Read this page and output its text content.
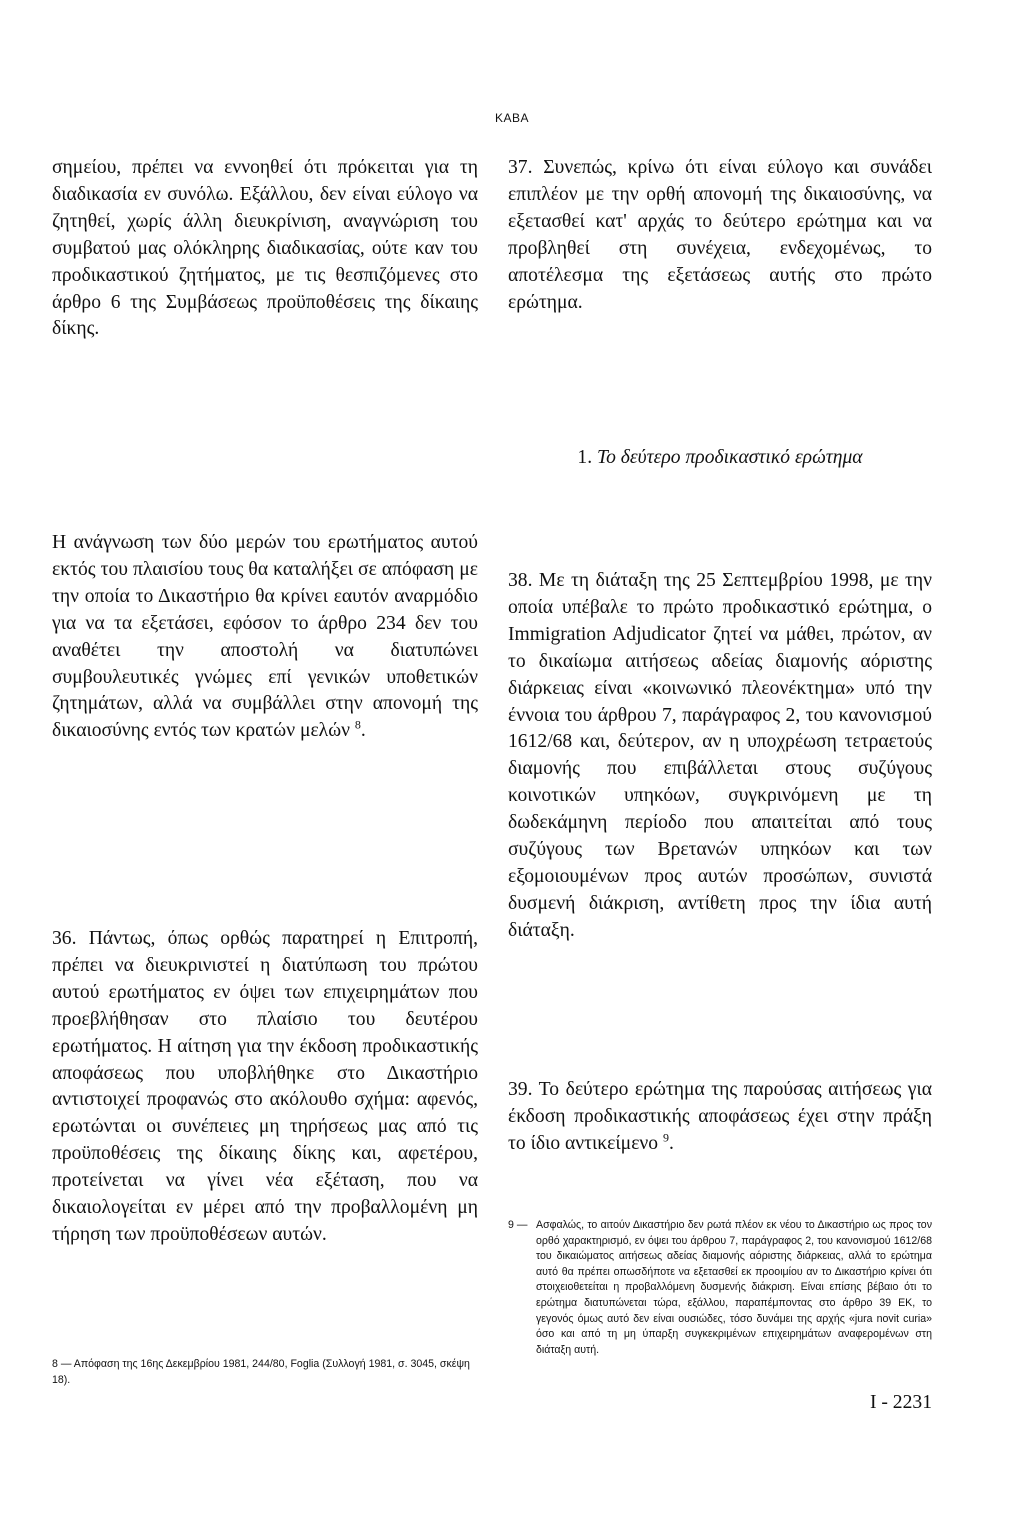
KABA

σημείου, πρέπει να εννοηθεί ότι πρόκειται για τη διαδικασία εν συνόλω. Εξάλλου, δεν είναι εύλογο να ζητηθεί, χωρίς άλλη διευκρίνιση, αναγνώριση του συμβατού μας ολόκληρης διαδικασίας, ούτε καν του προδικαστικού ζητήματος, με τις θεσπιζόμενες στο άρθρο 6 της Συμβάσεως προϋποθέσεις της δίκαιης δίκης.

Η ανάγνωση των δύο μερών του ερωτήματος αυτού εκτός του πλαισίου τους θα καταλήξει σε απόφαση με την οποία το Δικαστήριο θα κρίνει εαυτόν αναρμόδιο για να τα εξετάσει, εφόσον το άρθρο 234 δεν του αναθέτει την αποστολή να διατυπώνει συμβουλευτικές γνώμες επί γενικών υποθετικών ζητημάτων, αλλά να συμβάλλει στην απονομή της δικαιοσύνης εντός των κρατών μελών $^8$.

36. Πάντως, όπως ορθώς παρατηρεί η Επιτροπή, πρέπει να διευκρινιστεί η διατύπωση του πρώτου αυτού ερωτήματος εν όψει των επιχειρημάτων που προεβλήθησαν στο πλαίσιο του δευτέρου ερωτήματος. Η αίτηση για την έκδοση προδικαστικής αποφάσεως που υποβλήθηκε στο Δικαστήριο αντιστοιχεί προφανώς στο ακόλουθο σχήμα: αφενός, ερωτώνται οι συνέπειες μη τηρήσεως μας από τις προϋποθέσεις της δίκαιης δίκης και, αφετέρου, προτείνεται να γίνει νέα εξέταση, που να δικαιολογείται εν μέρει από την προβαλλομένη μη τήρηση των προϋποθέσεων αυτών.

8 — Απόφαση της 16ης Δεκεμβρίου 1981, 244/80, Foglia (Συλλογή 1981, σ. 3045, σκέψη 18).

37. Συνεπώς, κρίνω ότι είναι εύλογο και συνάδει επιπλέον με την ορθή απονομή της δικαιοσύνης, να εξετασθεί κατ' αρχάς το δεύτερο ερώτημα και να προβληθεί στη συνέχεια, ενδεχομένως, το αποτέλεσμα της εξετάσεως αυτής στο πρώτο ερώτημα.

1. Το δεύτερο προδικαστικό ερώτημα

38. Με τη διάταξη της 25 Σεπτεμβρίου 1998, με την οποία υπέβαλε το πρώτο προδικαστικό ερώτημα, ο Immigration Adjudicator ζητεί να μάθει, πρώτον, αν το δικαίωμα αιτήσεως αδείας διαμονής αόριστης διάρκειας είναι «κοινωνικό πλεονέκτημα» υπό την έννοια του άρθρου 7, παράγραφος 2, του κανονισμού 1612/68 και, δεύτερον, αν η υποχρέωση τετραετούς διαμονής που επιβάλλεται στους συζύγους κοινοτικών υπηκόων, συγκρινόμενη με τη δωδεκάμηνη περίοδο που απαιτείται από τους συζύγους των Βρετανών υπηκόων και των εξομοιουμένων προς αυτών προσώπων, συνιστά δυσμενή διάκριση, αντίθετη προς την ίδια αυτή διάταξη.

39. Το δεύτερο ερώτημα της παρούσας αιτήσεως για έκδοση προδικαστικής αποφάσεως έχει στην πράξη το ίδιο αντικείμενο $^9$.

9 — Ασφαλώς, το αιτούν Δικαστήριο δεν ρωτά πλέον εκ νέου το Δικαστήριο ως προς τον ορθό χαρακτηρισμό, εν όψει του άρθρου 7, παράγραφος 2, του κανονισμού 1612/68 του δικαιώματος αιτήσεως αδείας διαμονής αόριστης διάρκειας, αλλά το ερώτημα αυτό θα πρέπει οπωσδήποτε να εξετασθεί εκ προοιμίου αν το Δικαστήριο κρίνει ότι στοιχειοθετείται η προβαλλόμενη δυσμενής διάκριση. Είναι επίσης βέβαιο ότι το ερώτημα διατυπώνεται τώρα, εξάλλου, παραπέμποντας στο άρθρο 39 ΕΚ, το γεγονός όμως αυτό δεν είναι ουσιώδες, τόσο δυνάμει της αρχής «jura novit curia» όσο και από τη μη ύπαρξη συγκεκριμένων επιχειρημάτων αναφερομένων στη διάταξη αυτή.
I - 2231
